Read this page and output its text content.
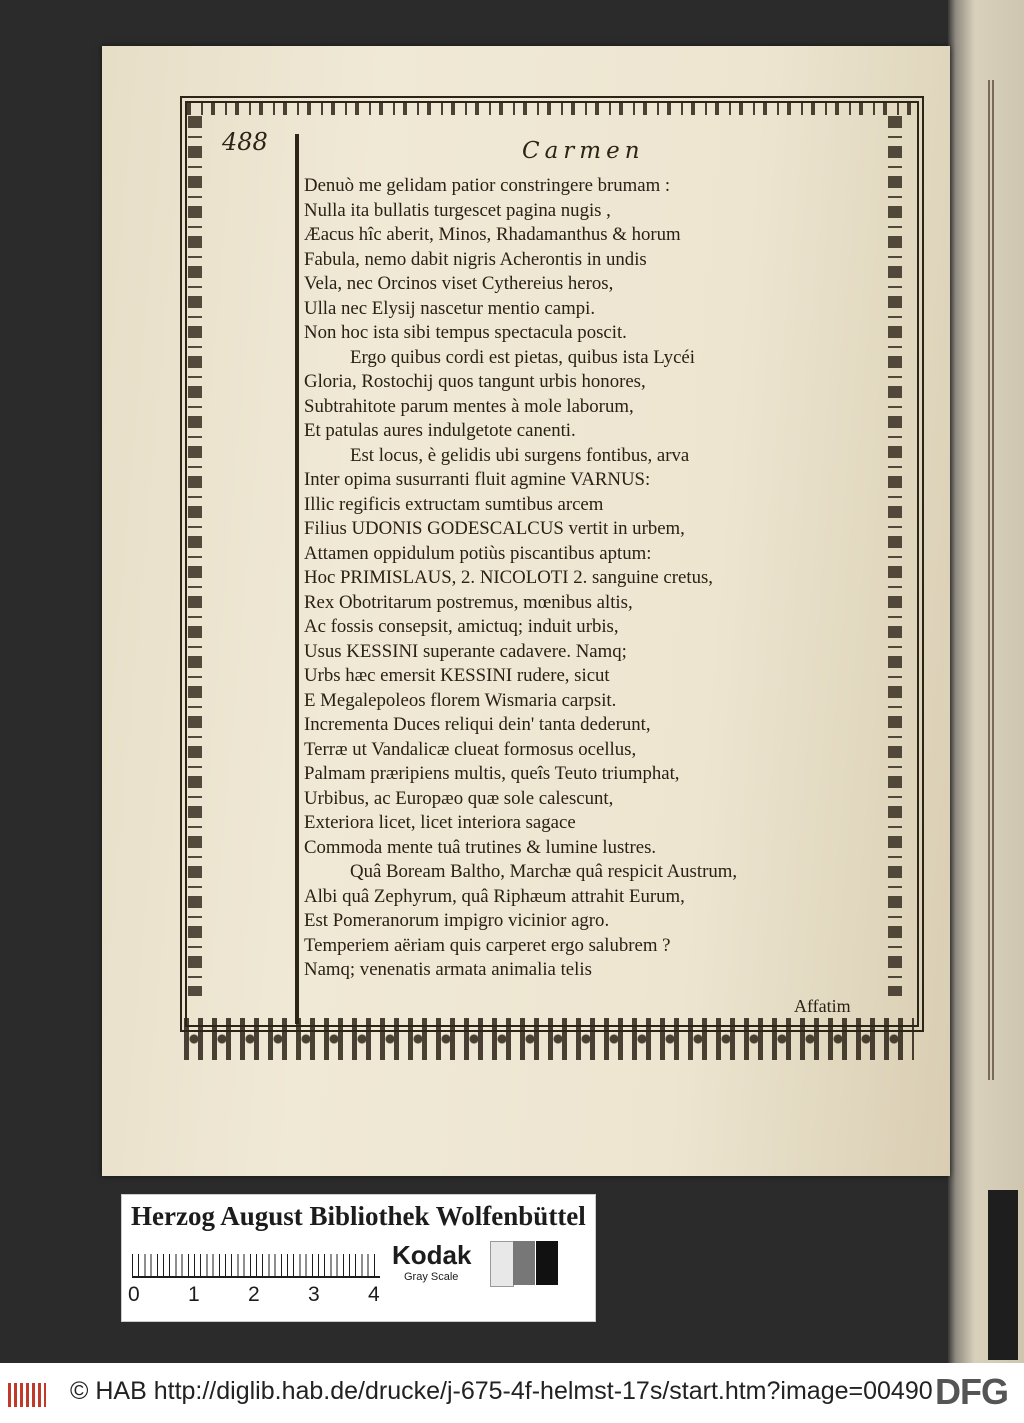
488	Carmen
Denuò me gelidam patior constringere brumam :
Nulla ita bullatis turgescet pagina nugis ,
Æacus hîc aberit, Minos, Rhadamanthus & horum
Fabula, nemo dabit nigris Acherontis in undis
Vela, nec Orcinos viset Cythereius heros,
Ulla nec Elysij nascetur mentio campi.
Non hoc ista sibi tempus spectacula poscit.
Ergo quibus cordi est pietas, quibus ista Lycéi
Gloria, Rostochij quos tangunt urbis honores,
Subtrahitote parum mentes à mole laborum,
Et patulas aures indulgetote canenti.
Est locus, è gelidis ubi surgens fontibus, arva
Inter opima susurranti fluit agmine VARNUS:
Illic regificis extructam sumtibus arcem
Filius UDONIS GODESCALCUS vertit in urbem,
Attamen oppidulum potiùs piscantibus aptum:
Hoc PRIMISLAUS, 2. NICOLOTI 2. sanguine cretus,
Rex Obotritarum postremus, mœnibus altis,
Ac fossis consepsit, amictuq; induit urbis,
Usus KESSINI superante cadavere. Namq;
Urbs hæc emersit KESSINI rudere, sicut
E Megalepoleos florem Wismaria carpsit.
Incrementa Duces reliqui dein' tanta dederunt,
Terræ ut Vandalicæ clueat formosus ocellus,
Palmam præripiens multis, queîs Teuto triumphat,
Urbibus, ac Europæo quæ sole calescunt,
Exteriora licet, licet interiora sagace
Commoda mente tuâ trutines & lumine lustres.
Quâ Boream Baltho, Marchæ quâ respicit Austrum,
Albi quâ Zephyrum, quâ Riphæum attrahit Eurum,
Est Pomeranorum impigro vicinior agro.
Temperiem aëriam quis carperet ergo salubrem ?
Namq; venenatis armata animalia telis
Affatim
Herzog August Bibliothek Wolfenbüttel
0 1 2 3 4
Kodak
Gray Scale
© HAB http://diglib.hab.de/drucke/j-675-4f-helmst-17s/start.htm?image=00490 DFG
